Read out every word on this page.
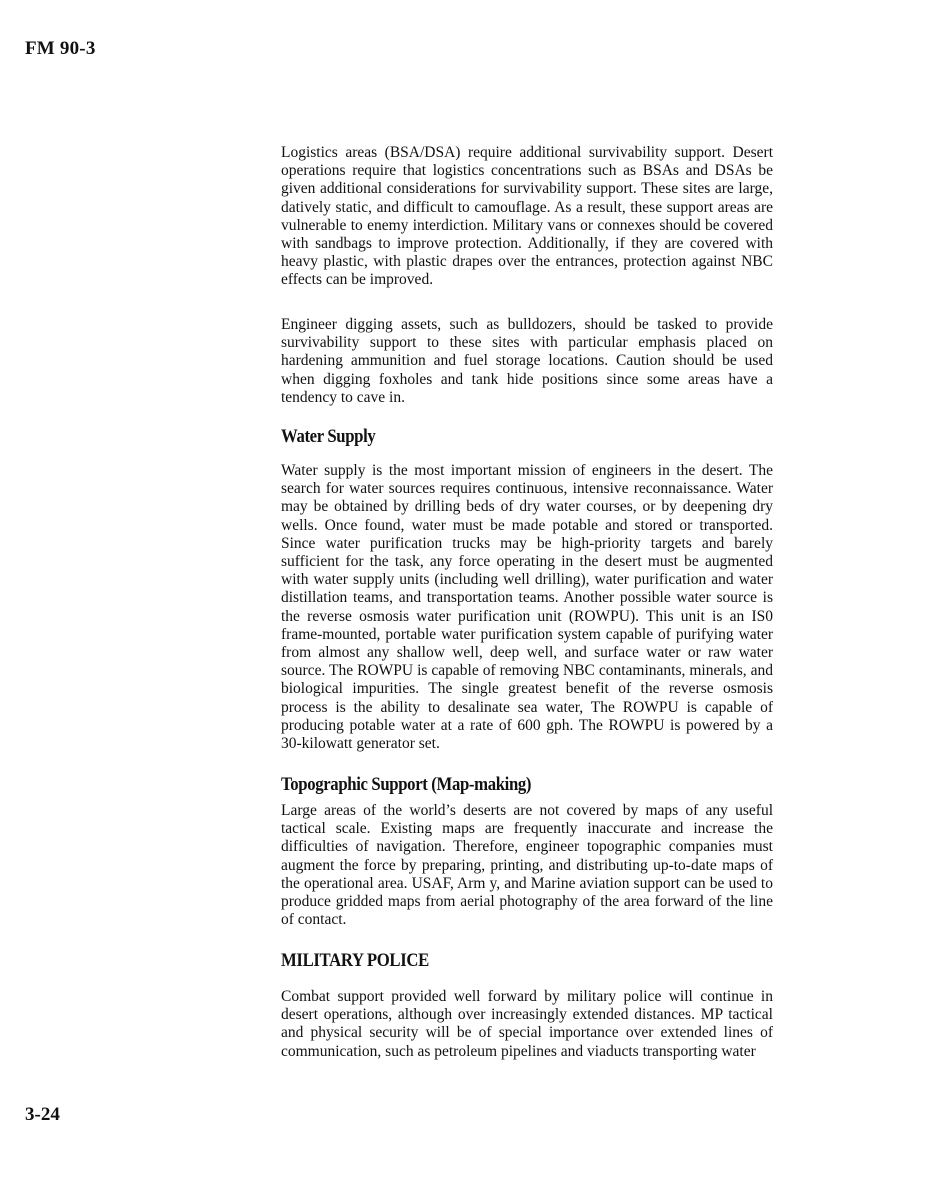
FM 90-3

Logistics areas (BSA/DSA) require additional survivability support. Desert operations require that logistics concentrations such as BSAs and DSAs be given additional considerations for survivability support. These sites are large, datively static, and difficult to camouflage. As a result, these support areas are vulnerable to enemy interdiction. Military vans or connexes should be covered with sandbags to improve protection. Additionally, if they are covered with heavy plastic, with plastic drapes over the entrances, protection against NBC effects can be improved.

Engineer digging assets, such as bulldozers, should be tasked to provide survivability support to these sites with particular emphasis placed on hardening ammunition and fuel storage locations. Caution should be used when digging foxholes and tank hide positions since some areas have a tendency to cave in.

Water Supply

Water supply is the most important mission of engineers in the desert. The search for water sources requires continuous, intensive reconnaissance. Water may be obtained by drilling beds of dry water courses, or by deepening dry wells. Once found, water must be made potable and stored or transported. Since water purification trucks may be high-priority targets and barely sufficient for the task, any force operating in the desert must be augmented with water supply units (including well drilling), water purification and water distillation teams, and transportation teams. Another possible water source is the reverse osmosis water purification unit (ROWPU). This unit is an IS0 frame-mounted, portable water purification system capable of purifying water from almost any shallow well, deep well, and surface water or raw water source. The ROWPU is capable of removing NBC contaminants, minerals, and biological impurities. The single greatest benefit of the reverse osmosis process is the ability to desalinate sea water, The ROWPU is capable of producing potable water at a rate of 600 gph. The ROWPU is powered by a 30-kilowatt generator set.

Topographic Support (Map-making)

Large areas of the world’s deserts are not covered by maps of any useful tactical scale. Existing maps are frequently inaccurate and increase the difficulties of navigation. Therefore, engineer topographic companies must augment the force by preparing, printing, and distributing up-to-date maps of the operational area. USAF, Arm y, and Marine aviation support can be used to produce gridded maps from aerial photography of the area forward of the line of contact.

MILITARY POLICE

Combat support provided well forward by military police will continue in desert operations, although over increasingly extended distances. MP tactical and physical security will be of special importance over extended lines of communication, such as petroleum pipelines and viaducts transporting water

3-24
